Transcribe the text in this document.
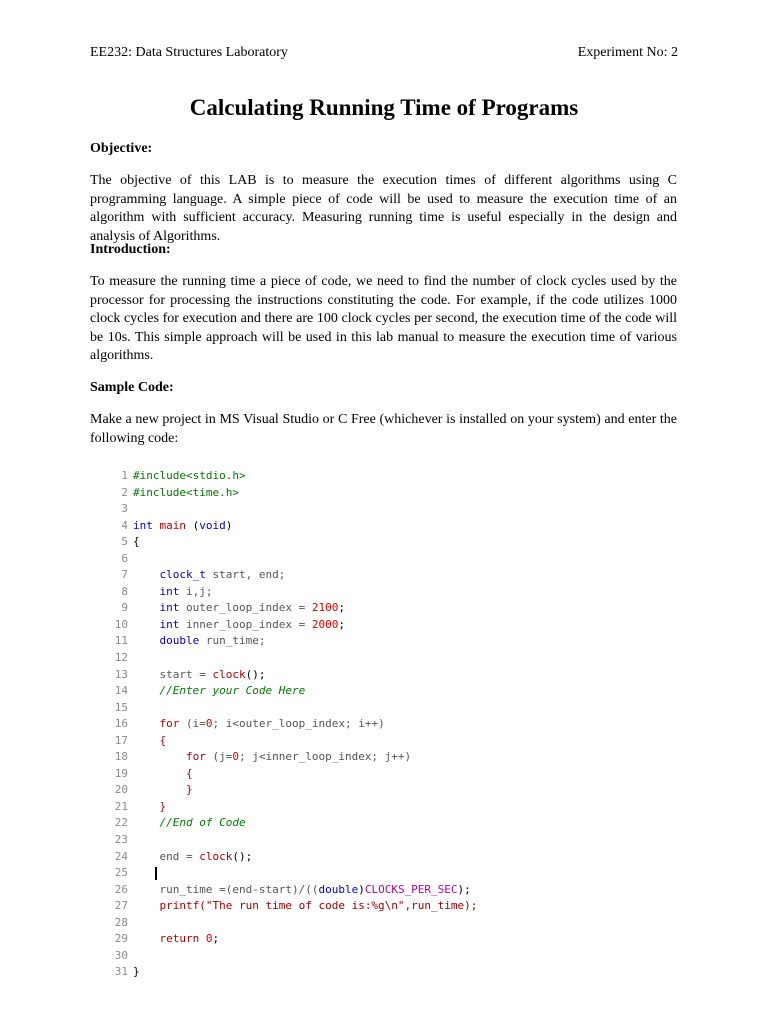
EE232: Data Structures Laboratory	Experiment No: 2
Calculating Running Time of Programs
Objective:
The objective of this LAB is to measure the execution times of different algorithms using C programming language. A simple piece of code will be used to measure the execution time of an algorithm with sufficient accuracy. Measuring running time is useful especially in the design and analysis of Algorithms.
Introduction:
To measure the running time a piece of code, we need to find the number of clock cycles used by the processor for processing the instructions constituting the code. For example, if the code utilizes 1000 clock cycles for execution and there are 100 clock cycles per second, the execution time of the code will be 10s. This simple approach will be used in this lab manual to measure the execution time of various algorithms.
Sample Code:
Make a new project in MS Visual Studio or C Free (whichever is installed on your system) and enter the following code:
1 #include<stdio.h>
2 #include<time.h>
3
4 int main (void)
5 {
6
7	clock_t start, end;
8	int i,j;
9	int outer_loop_index = 2100;
10	int inner_loop_index = 2000;
11	double run_time;
12
13	start = clock();
14	//Enter your Code Here
15
16	for (i=0; i<outer_loop_index; i++)
17	{
18	for (j=0; j<inner_loop_index; j++)
19	{
20	}
21	}
22	//End of Code
23
24	end = clock();
25
26	run_time =(end-start)/((double)CLOCKS_PER_SEC);
27	printf("The run time of code is:%g\n",run_time);
28
29	return 0;
30
31 }
